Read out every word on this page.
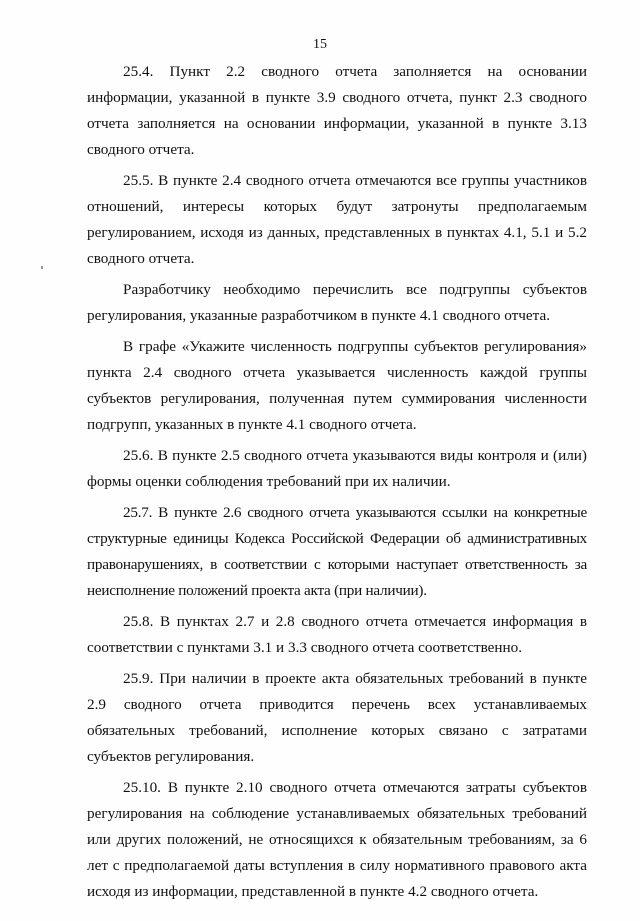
15

25.4. Пункт 2.2 сводного отчета заполняется на основании информации, указанной в пункте 3.9 сводного отчета, пункт 2.3 сводного отчета заполняется на основании информации, указанной в пункте 3.13 сводного отчета.

25.5. В пункте 2.4 сводного отчета отмечаются все группы участников отношений, интересы которых будут затронуты предполагаемым регулированием, исходя из данных, представленных в пунктах 4.1, 5.1 и 5.2 сводного отчета.

Разработчику необходимо перечислить все подгруппы субъектов регулирования, указанные разработчиком в пункте 4.1 сводного отчета.

В графе «Укажите численность подгруппы субъектов регулирования» пункта 2.4 сводного отчета указывается численность каждой группы субъектов регулирования, полученная путем суммирования численности подгрупп, указанных в пункте 4.1 сводного отчета.

25.6. В пункте 2.5 сводного отчета указываются виды контроля и (или) формы оценки соблюдения требований при их наличии.

25.7. В пункте 2.6 сводного отчета указываются ссылки на конкретные структурные единицы Кодекса Российской Федерации об административных правонарушениях, в соответствии с которыми наступает ответственность за неисполнение положений проекта акта (при наличии).

25.8. В пунктах 2.7 и 2.8 сводного отчета отмечается информация в соответствии с пунктами 3.1 и 3.3 сводного отчета соответственно.

25.9. При наличии в проекте акта обязательных требований в пункте 2.9 сводного отчета приводится перечень всех устанавливаемых обязательных требований, исполнение которых связано с затратами субъектов регулирования.

25.10. В пункте 2.10 сводного отчета отмечаются затраты субъектов регулирования на соблюдение устанавливаемых обязательных требований или других положений, не относящихся к обязательным требованиям, за 6 лет с предполагаемой даты вступления в силу нормативного правового акта исходя из информации, представленной в пункте 4.2 сводного отчета.
